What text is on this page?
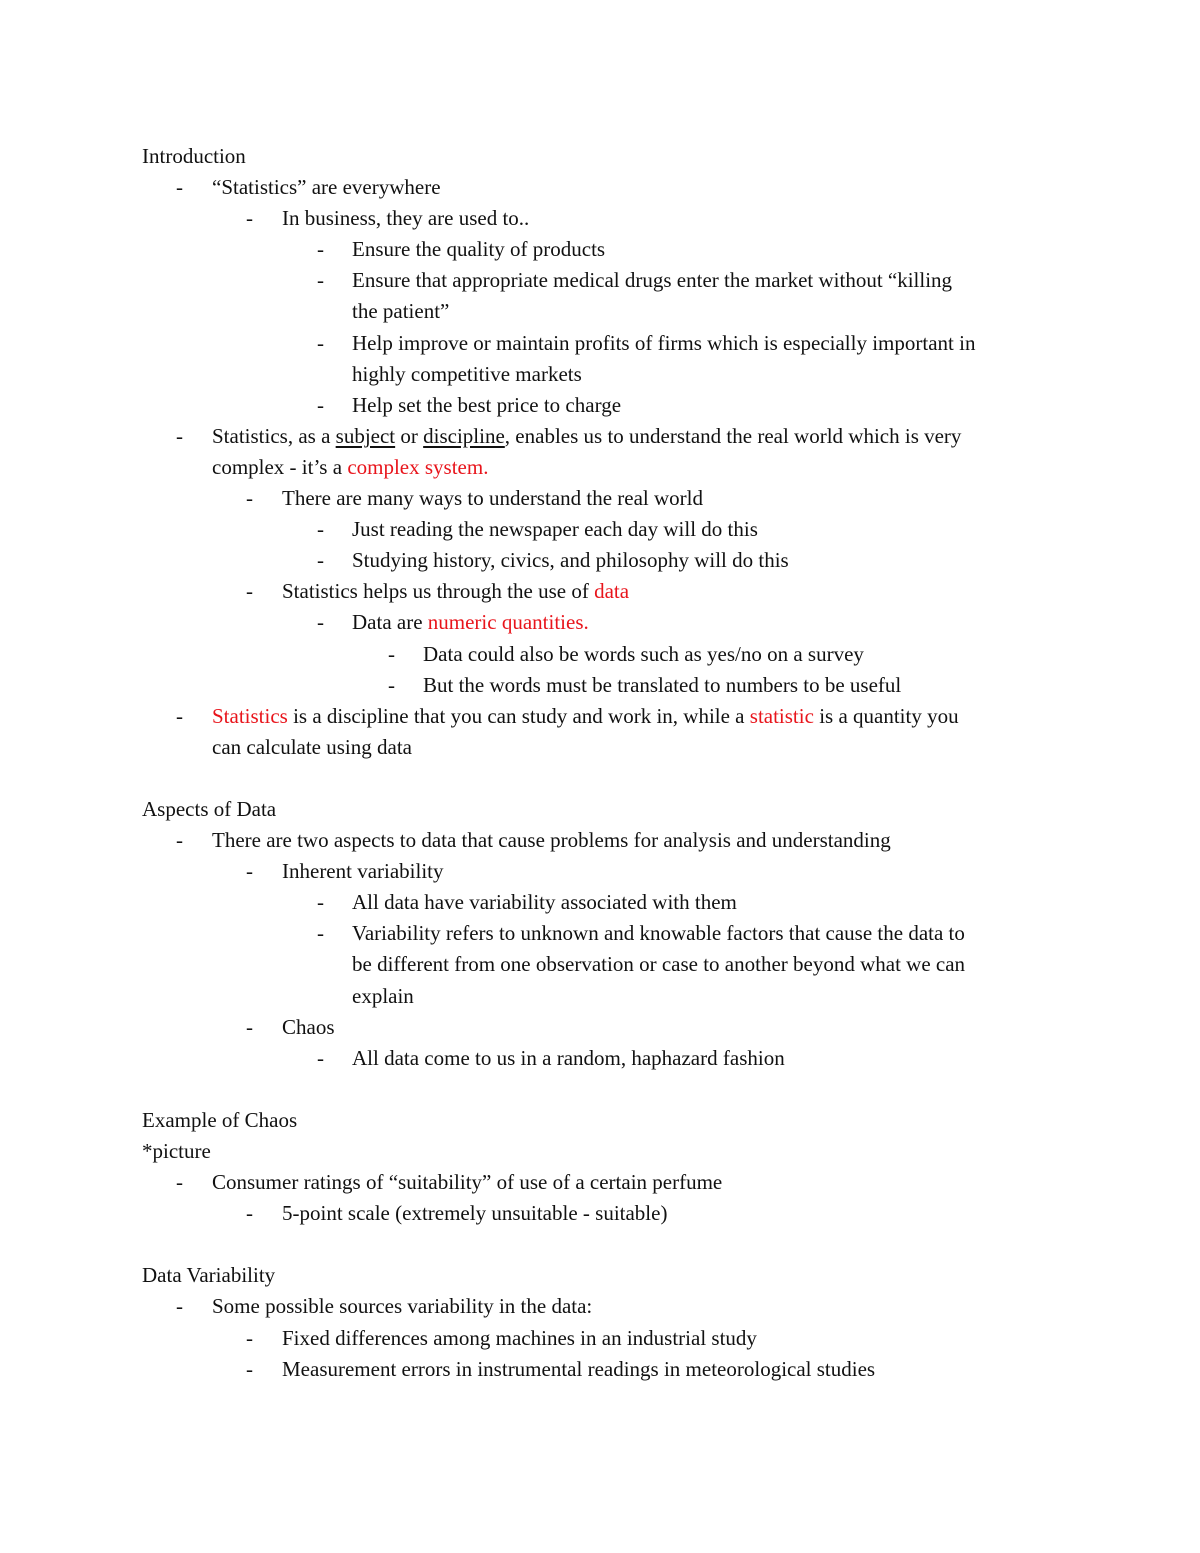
Introduction
- “Statistics” are everywhere
- In business, they are used to..
- Ensure the quality of products
- Ensure that appropriate medical drugs enter the market without “killing
the patient”
- Help improve or maintain profits of firms which is especially important in
highly competitive markets
- Help set the best price to charge
- Statistics, as a subject or discipline, enables us to understand the real world which is very
complex - it’s a complex system.
- There are many ways to understand the real world
- Just reading the newspaper each day will do this
- Studying history, civics, and philosophy will do this
- Statistics helps us through the use of data
- Data are numeric quantities.
- Data could also be words such as yes/no on a survey
- But the words must be translated to numbers to be useful
- Statistics is a discipline that you can study and work in, while a statistic is a quantity you
can calculate using data
Aspects of Data
- There are two aspects to data that cause problems for analysis and understanding
- Inherent variability
- All data have variability associated with them
- Variability refers to unknown and knowable factors that cause the data to
be different from one observation or case to another beyond what we can
explain
- Chaos
- All data come to us in a random, haphazard fashion
Example of Chaos
*picture
- Consumer ratings of “suitability” of use of a certain perfume
- 5-point scale (extremely unsuitable - suitable)
Data Variability
- Some possible sources variability in the data:
- Fixed differences among machines in an industrial study
- Measurement errors in instrumental readings in meteorological studies
